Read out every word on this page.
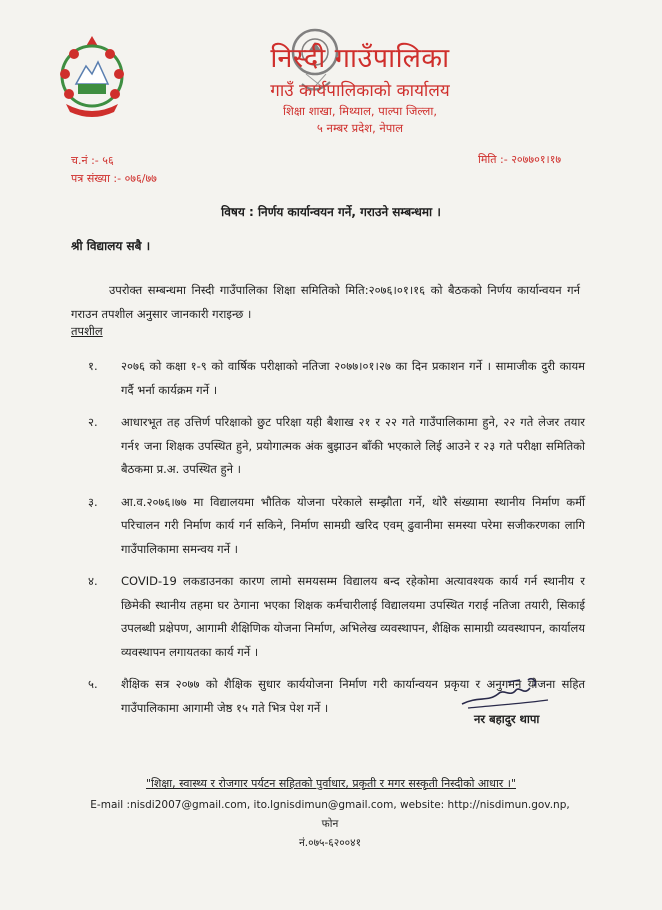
निस्दी गाउँपालिका
गाउँ कार्यपालिकाको कार्यालय
शिक्षा शाखा, मिथ्याल, पाल्पा जिल्ला,
५ नम्बर प्रदेश, नेपाल
च.नं :- ५६
पत्र संख्या :- ०७६/७७
मिति :- २०७७०१।१७
विषय : निर्णय कार्यान्वयन गर्ने, गराउने सम्बन्धमा ।
श्री विद्यालय सबै ।
उपरोक्त सम्बन्धमा निस्दी गाउँपालिका शिक्षा समितिको मिति:२०७६।०१।१६ को बैठकको निर्णय कार्यान्वयन गर्न गराउन तपशील अनुसार जानकारी गराइन्छ ।
तपशील
१.	२०७६ को कक्षा १-९ को वार्षिक परीक्षाको नतिजा २०७७।०१।२७ का दिन प्रकाशन गर्ने । सामाजीक दुरी कायम गर्दै भर्ना कार्यक्रम गर्ने ।
२.	आधारभूत तह उत्तिर्ण परिक्षाको छुट परिक्षा यही बैशाख २१ र २२ गते गाउँपालिकामा हुने, २२ गते लेजर तयार गर्न१ जना शिक्षक उपस्थित हुने, प्रयोगात्मक अंक बुझाउन बाँकी भएकाले लिई आउने र २३ गते परीक्षा समितिको बैठकमा प्र.अ. उपस्थित हुने ।
३.	आ.व.२०७६।७७ मा विद्यालयमा भौतिक योजना परेकाले सम्झौता गर्ने, थोरै संख्यामा स्थानीय निर्माण कर्मी परिचालन गरी निर्माण कार्य गर्न सकिने, निर्माण सामग्री खरिद एवम् ढुवानीमा समस्या परेमा सजीकरणका लागि गाउँपालिकामा समन्वय गर्ने ।
४.	COVID-19 लकडाउनका कारण लामो समयसम्म विद्यालय बन्द रहेकोमा अत्यावश्यक कार्य गर्न स्थानीय र छिमेकी स्थानीय तहमा घर ठेगाना भएका शिक्षक कर्मचारीलाई विद्यालयमा उपस्थित गराई नतिजा तयारी, सिकाई उपलब्धी प्रक्षेपण, आगामी शैक्षिणिक योजना निर्माण, अभिलेख व्यवस्थापन, शैक्षिक सामाग्री व्यवस्थापन, कार्यालय व्यवस्थापन लगायतका कार्य गर्ने ।
५.	शैक्षिक सत्र २०७७ को शैक्षिक सुधार कार्ययोजना निर्माण गरी कार्यान्वयन प्रकृया र अनुगमन योजना सहित गाउँपालिकामा आगामी जेष्ठ १५ गते भित्र पेश गर्ने ।
नर बहादुर थापा
"शिक्षा, स्वास्थ्य र रोजगार पर्यटन सहितको पुर्वाधार, प्रकृती र मगर सस्कृती निस्दीको आधार ।"
E-mail :nisdi2007@gmail.com, ito.lgnisdimun@gmail.com, website: http://nisdimun.gov.np, फोन
नं.०७५-६२००४१
